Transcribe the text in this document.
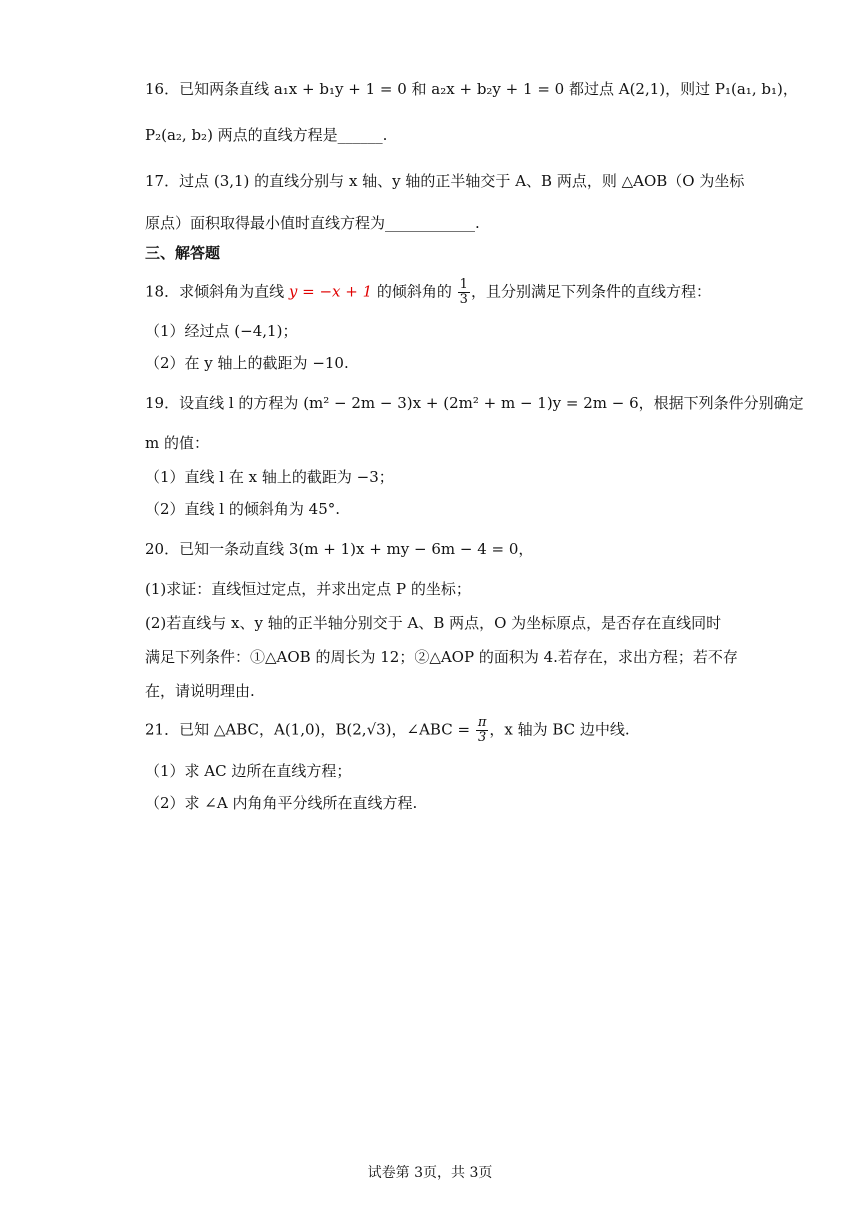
16．已知两条直线 a₁x + b₁y + 1 = 0 和 a₂x + b₂y + 1 = 0 都过点 A(2,1)，则过 P₁(a₁, b₁)，
P₂(a₂, b₂) 两点的直线方程是______.
17．过点 (3,1) 的直线分别与 x 轴、y 轴的正半轴交于 A、B 两点，则 △AOB（O 为坐标
原点）面积取得最小值时直线方程为____________.
三、解答题
18．求倾斜角为直线 y = −x + 1 的倾斜角的 $\frac{1}{3}$ ，且分别满足下列条件的直线方程：
（1）经过点 (−4,1)；
（2）在 y 轴上的截距为 −10.
19．设直线 l 的方程为 (m² − 2m − 3)x + (2m² + m − 1)y = 2m − 6，根据下列条件分别确定
m 的值：
（1）直线 l 在 x 轴上的截距为 −3；
（2）直线 l 的倾斜角为 45°.
20．已知一条动直线 3(m + 1)x + my − 6m − 4 = 0，
(1)求证：直线恒过定点，并求出定点 P 的坐标；
(2)若直线与 x、y 轴的正半轴分别交于 A、B 两点，O 为坐标原点，是否存在直线同时
满足下列条件：①△AOB 的周长为 12；②△AOP 的面积为 4.若存在，求出方程；若不存
在，请说明理由.
21．已知 △ABC，A(1,0)，B(2,√3)，∠ABC = $\frac{\pi}{3}$ ，x 轴为 BC 边中线.
（1）求 AC 边所在直线方程；
（2）求 ∠A 内角角平分线所在直线方程.
试卷第 3页，共 3页
